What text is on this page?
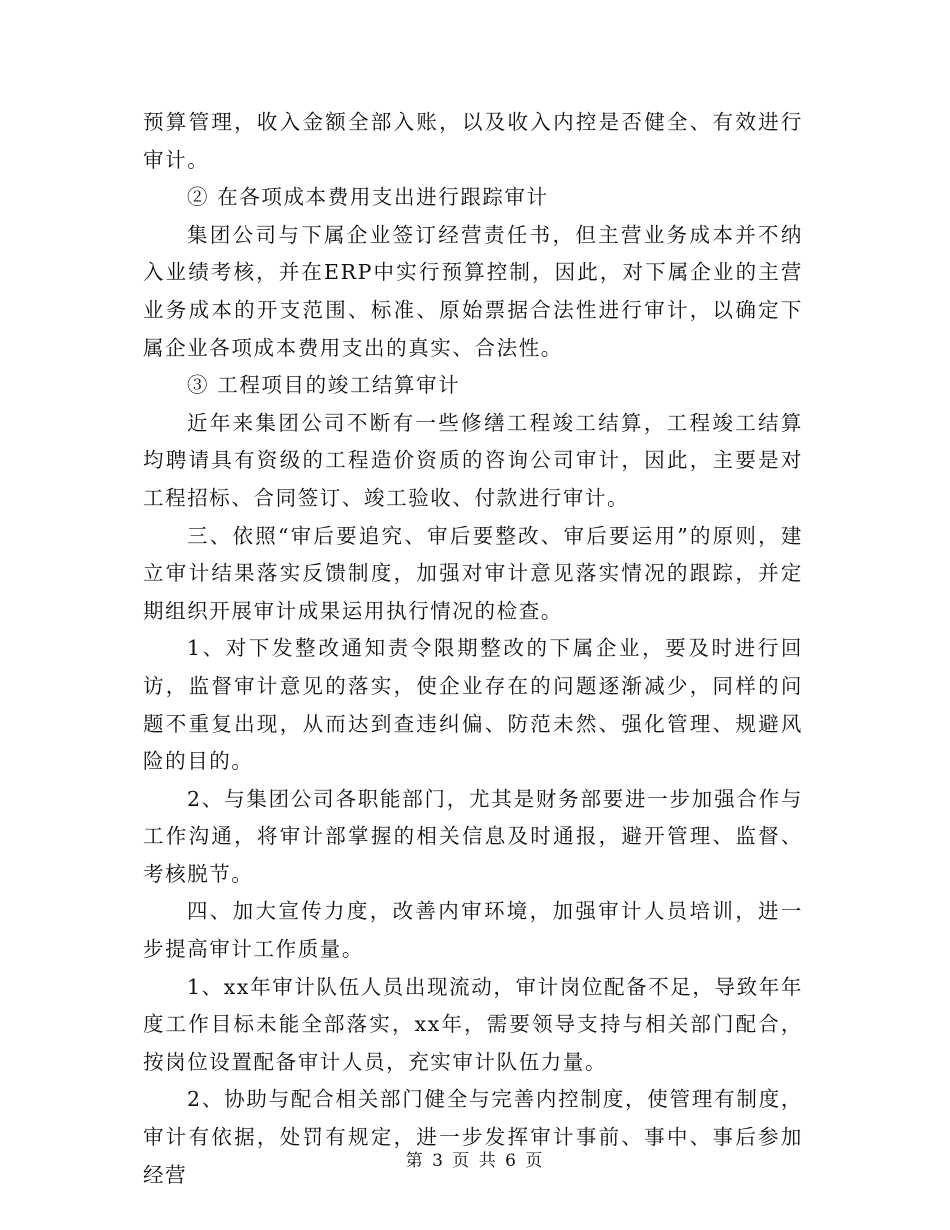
预算管理，收入金额全部入账，以及收入内控是否健全、有效进行审计。

② 在各项成本费用支出进行跟踪审计

集团公司与下属企业签订经营责任书，但主营业务成本并不纳入业绩考核，并在ERP中实行预算控制，因此，对下属企业的主营业务成本的开支范围、标准、原始票据合法性进行审计，以确定下属企业各项成本费用支出的真实、合法性。

③ 工程项目的竣工结算审计

近年来集团公司不断有一些修缮工程竣工结算，工程竣工结算均聘请具有资级的工程造价资质的咨询公司审计，因此，主要是对工程招标、合同签订、竣工验收、付款进行审计。

三、依照“审后要追究、审后要整改、审后要运用”的原则，建立审计结果落实反馈制度，加强对审计意见落实情况的跟踪，并定期组织开展审计成果运用执行情况的检查。

1、对下发整改通知责令限期整改的下属企业，要及时进行回访，监督审计意见的落实，使企业存在的问题逐渐减少，同样的问题不重复出现，从而达到查违纠偏、防范未然、强化管理、规避风险的目的。

2、与集团公司各职能部门，尤其是财务部要进一步加强合作与工作沟通，将审计部掌握的相关信息及时通报，避开管理、监督、考核脱节。

四、加大宣传力度，改善内审环境，加强审计人员培训，进一步提高审计工作质量。

1、xx年审计队伍人员出现流动，审计岗位配备不足，导致年年度工作目标未能全部落实，xx年，需要领导支持与相关部门配合，按岗位设置配备审计人员，充实审计队伍力量。

2、协助与配合相关部门健全与完善内控制度，使管理有制度，审计有依据，处罚有规定，进一步发挥审计事前、事中、事后参加经营

第 3 页 共 6 页
